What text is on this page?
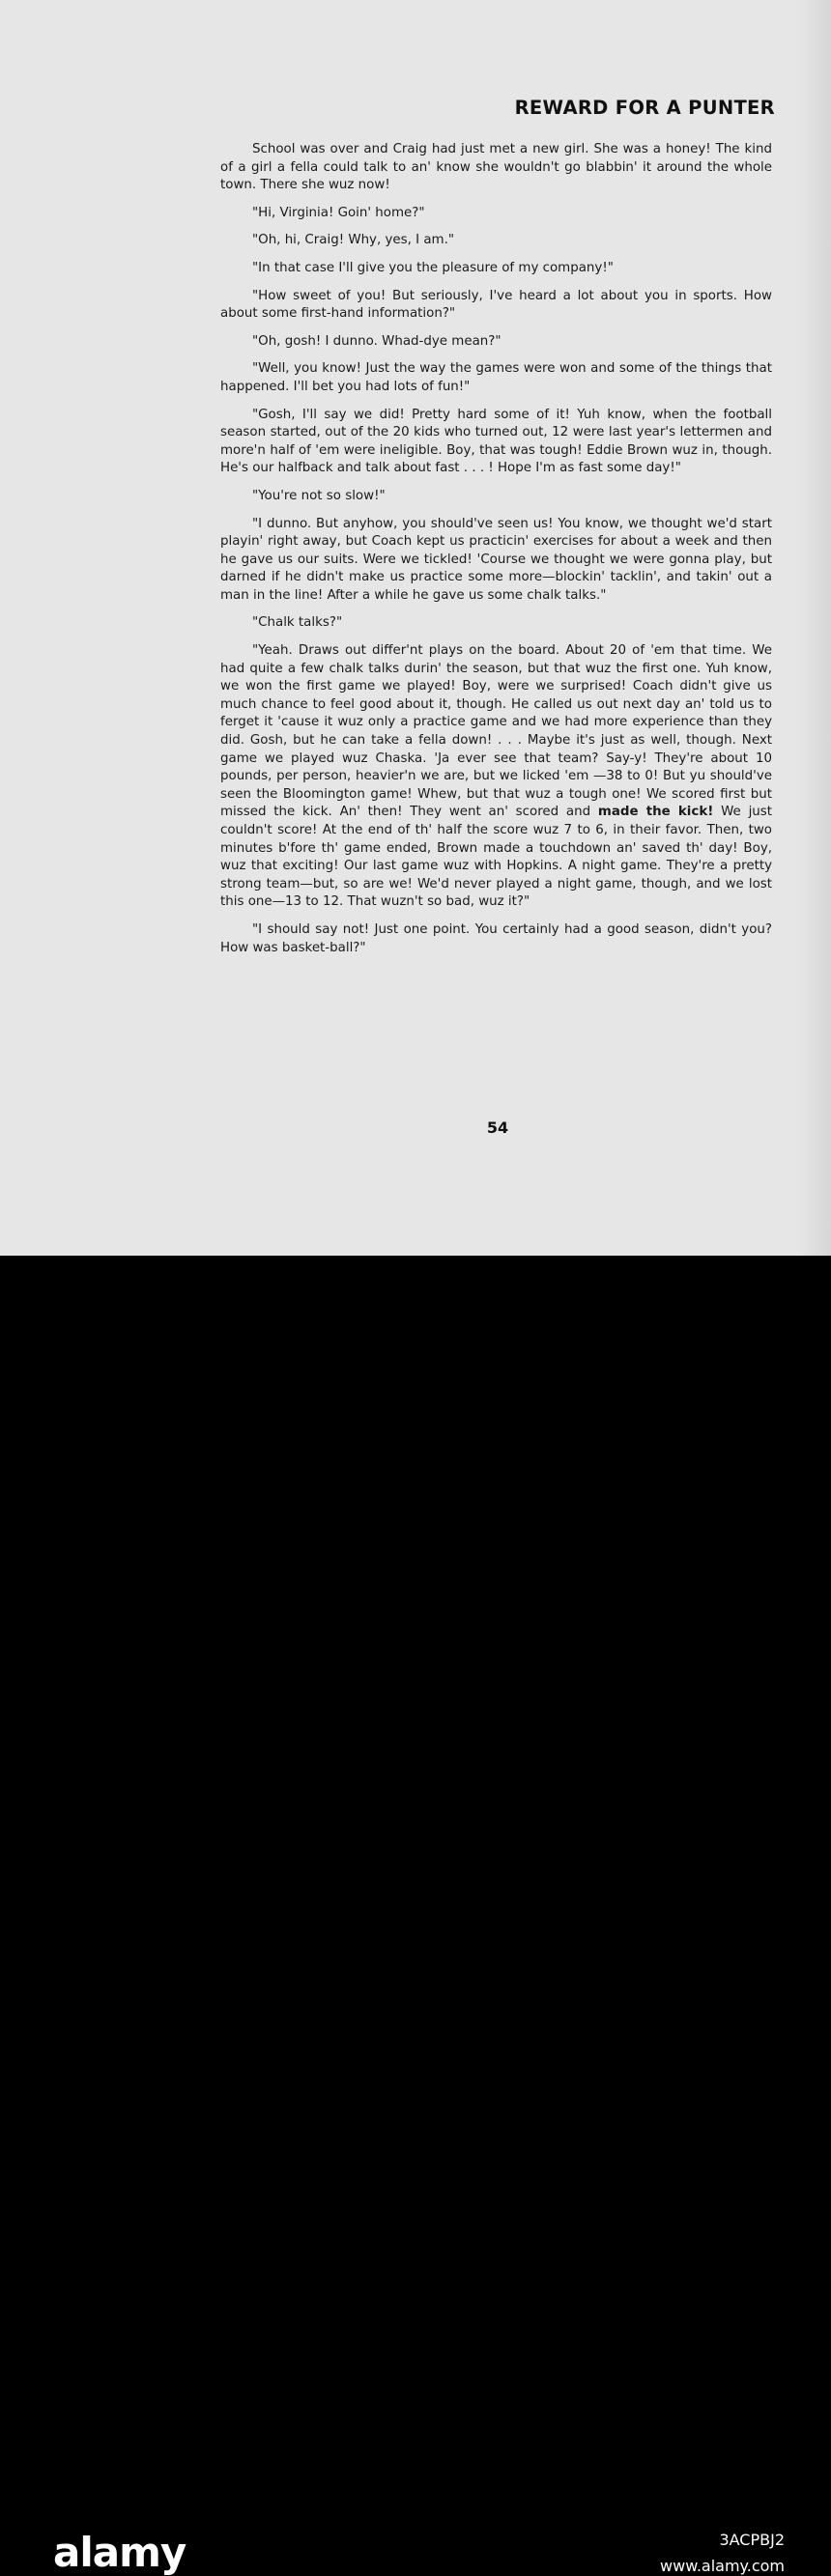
REWARD FOR A PUNTER

School was over and Craig had just met a new girl. She was a honey! The kind of a girl a fella could talk to an' know she wouldn't go blabbin' it around the whole town. There she wuz now!

"Hi, Virginia! Goin' home?"

"Oh, hi, Craig! Why, yes, I am."

"In that case I'll give you the pleasure of my company!"

"How sweet of you! But seriously, I've heard a lot about you in sports. How about some first-hand information?"

"Oh, gosh! I dunno. Whad-dye mean?"

"Well, you know! Just the way the games were won and some of the things that happened. I'll bet you had lots of fun!"

"Gosh, I'll say we did! Pretty hard some of it! Yuh know, when the football season started, out of the 20 kids who turned out, 12 were last year's lettermen and more'n half of 'em were ineligible. Boy, that was tough! Eddie Brown wuz in, though. He's our halfback and talk about fast . . . ! Hope I'm as fast some day!"

"You're not so slow!"

"I dunno. But anyhow, you should've seen us! You know, we thought we'd start playin' right away, but Coach kept us practicin' exercises for about a week and then he gave us our suits. Were we tickled! 'Course we thought we were gonna play, but darned if he didn't make us practice some more—blockin' tacklin', and takin' out a man in the line! After a while he gave us some chalk talks."

"Chalk talks?"

"Yeah. Draws out differ'nt plays on the board. About 20 of 'em that time. We had quite a few chalk talks durin' the season, but that wuz the first one. Yuh know, we won the first game we played! Boy, were we surprised! Coach didn't give us much chance to feel good about it, though. He called us out next day an' told us to ferget it 'cause it wuz only a practice game and we had more experience than they did. Gosh, but he can take a fella down! . . . Maybe it's just as well, though. Next game we played wuz Chaska. 'Ja ever see that team? Say-y! They're about 10 pounds, per person, heavier'n we are, but we licked 'em —38 to 0! But yu should've seen the Bloomington game! Whew, but that wuz a tough one! We scored first but missed the kick. An' then! They went an' scored and made the kick! We just couldn't score! At the end of th' half the score wuz 7 to 6, in their favor. Then, two minutes b'fore th' game ended, Brown made a touchdown an' saved th' day! Boy, wuz that exciting! Our last game wuz with Hopkins. A night game. They're a pretty strong team—but, so are we! We'd never played a night game, though, and we lost this one—13 to 12. That wuzn't so bad, wuz it?"

"I should say not! Just one point. You certainly had a good season, didn't you? How was basket-ball?"

54
alamy	3ACPBJ2
www.alamy.com
